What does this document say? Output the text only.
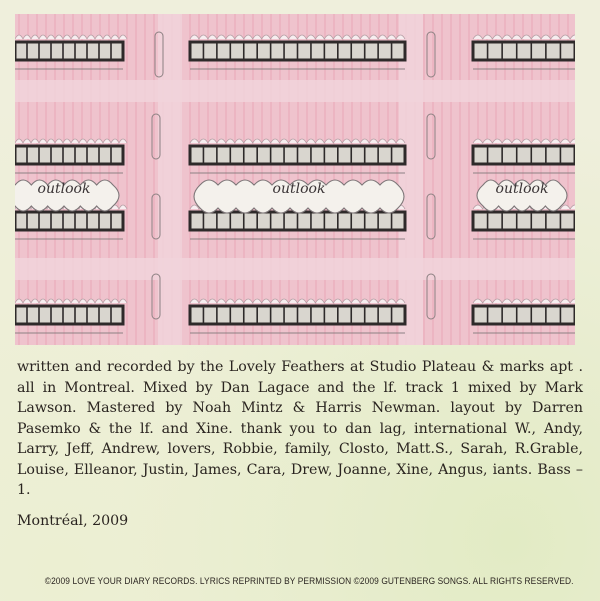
outlook	outlook	outlook

written and recorded by the Lovely Feathers at Studio Plateau & marks apt . all in Montreal. Mixed by Dan Lagace and the lf. track 1 mixed by Mark Lawson. Mastered by Noah Mintz & Harris Newman. layout by Darren Pasemko & the lf. and Xine. thank you to dan lag, international W., Andy, Larry, Jeff, Andrew, lovers, Robbie, family, Closto, Matt.S., Sarah, R.Grable, Louise, Elleanor, Justin, James, Cara, Drew, Joanne, Xine, Angus, iants. Bass –1.

Montréal, 2009
©2009 LOVE YOUR DIARY RECORDS. LYRICS REPRINTED BY PERMISSION ©2009 GUTENBERG SONGS. ALL RIGHTS RESERVED.
